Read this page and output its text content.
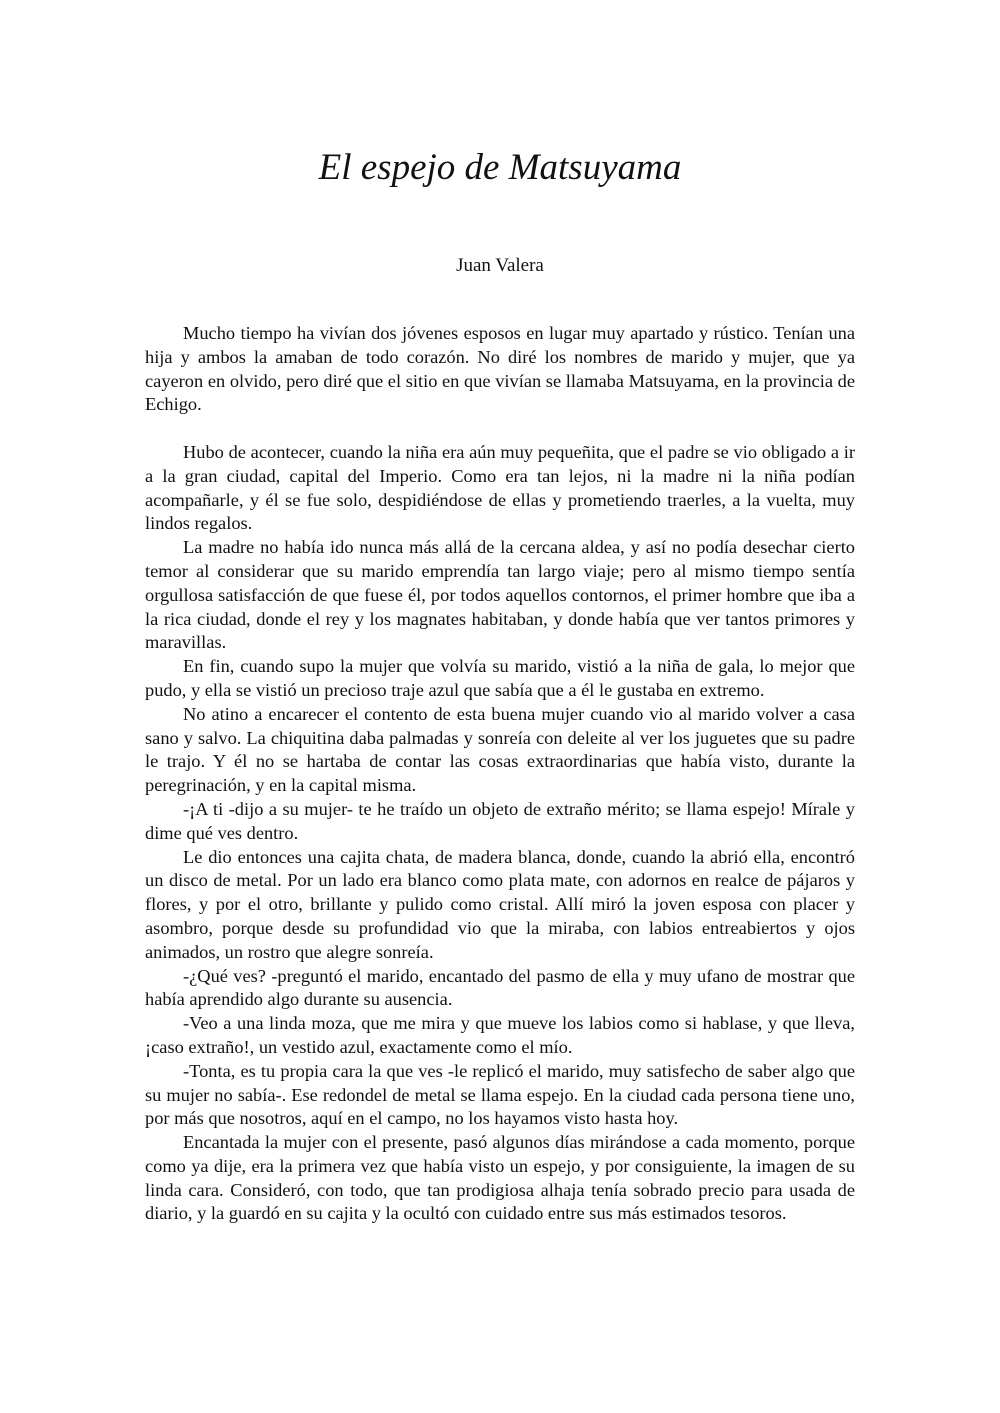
El espejo de Matsuyama
Juan Valera

Mucho tiempo ha vivían dos jóvenes esposos en lugar muy apartado y rústico. Tenían una hija y ambos la amaban de todo corazón. No diré los nombres de marido y mujer, que ya cayeron en olvido, pero diré que el sitio en que vivían se llamaba Matsuyama, en la provincia de Echigo.

Hubo de acontecer, cuando la niña era aún muy pequeñita, que el padre se vio obligado a ir a la gran ciudad, capital del Imperio. Como era tan lejos, ni la madre ni la niña podían acompañarle, y él se fue solo, despidiéndose de ellas y prometiendo traerles, a la vuelta, muy lindos regalos.

La madre no había ido nunca más allá de la cercana aldea, y así no podía desechar cierto temor al considerar que su marido emprendía tan largo viaje; pero al mismo tiempo sentía orgullosa satisfacción de que fuese él, por todos aquellos contornos, el primer hombre que iba a la rica ciudad, donde el rey y los magnates habitaban, y donde había que ver tantos primores y maravillas.

En fin, cuando supo la mujer que volvía su marido, vistió a la niña de gala, lo mejor que pudo, y ella se vistió un precioso traje azul que sabía que a él le gustaba en extremo.

No atino a encarecer el contento de esta buena mujer cuando vio al marido volver a casa sano y salvo. La chiquitina daba palmadas y sonreía con deleite al ver los juguetes que su padre le trajo. Y él no se hartaba de contar las cosas extraordinarias que había visto, durante la peregrinación, y en la capital misma.

-¡A ti -dijo a su mujer- te he traído un objeto de extraño mérito; se llama espejo! Mírale y dime qué ves dentro.

Le dio entonces una cajita chata, de madera blanca, donde, cuando la abrió ella, encontró un disco de metal. Por un lado era blanco como plata mate, con adornos en realce de pájaros y flores, y por el otro, brillante y pulido como cristal. Allí miró la joven esposa con placer y asombro, porque desde su profundidad vio que la miraba, con labios entreabiertos y ojos animados, un rostro que alegre sonreía.

-¿Qué ves? -preguntó el marido, encantado del pasmo de ella y muy ufano de mostrar que había aprendido algo durante su ausencia.

-Veo a una linda moza, que me mira y que mueve los labios como si hablase, y que lleva, ¡caso extraño!, un vestido azul, exactamente como el mío.

-Tonta, es tu propia cara la que ves -le replicó el marido, muy satisfecho de saber algo que su mujer no sabía-. Ese redondel de metal se llama espejo. En la ciudad cada persona tiene uno, por más que nosotros, aquí en el campo, no los hayamos visto hasta hoy.

Encantada la mujer con el presente, pasó algunos días mirándose a cada momento, porque como ya dije, era la primera vez que había visto un espejo, y por consiguiente, la imagen de su linda cara. Consideró, con todo, que tan prodigiosa alhaja tenía sobrado precio para usada de diario, y la guardó en su cajita y la ocultó con cuidado entre sus más estimados tesoros.
